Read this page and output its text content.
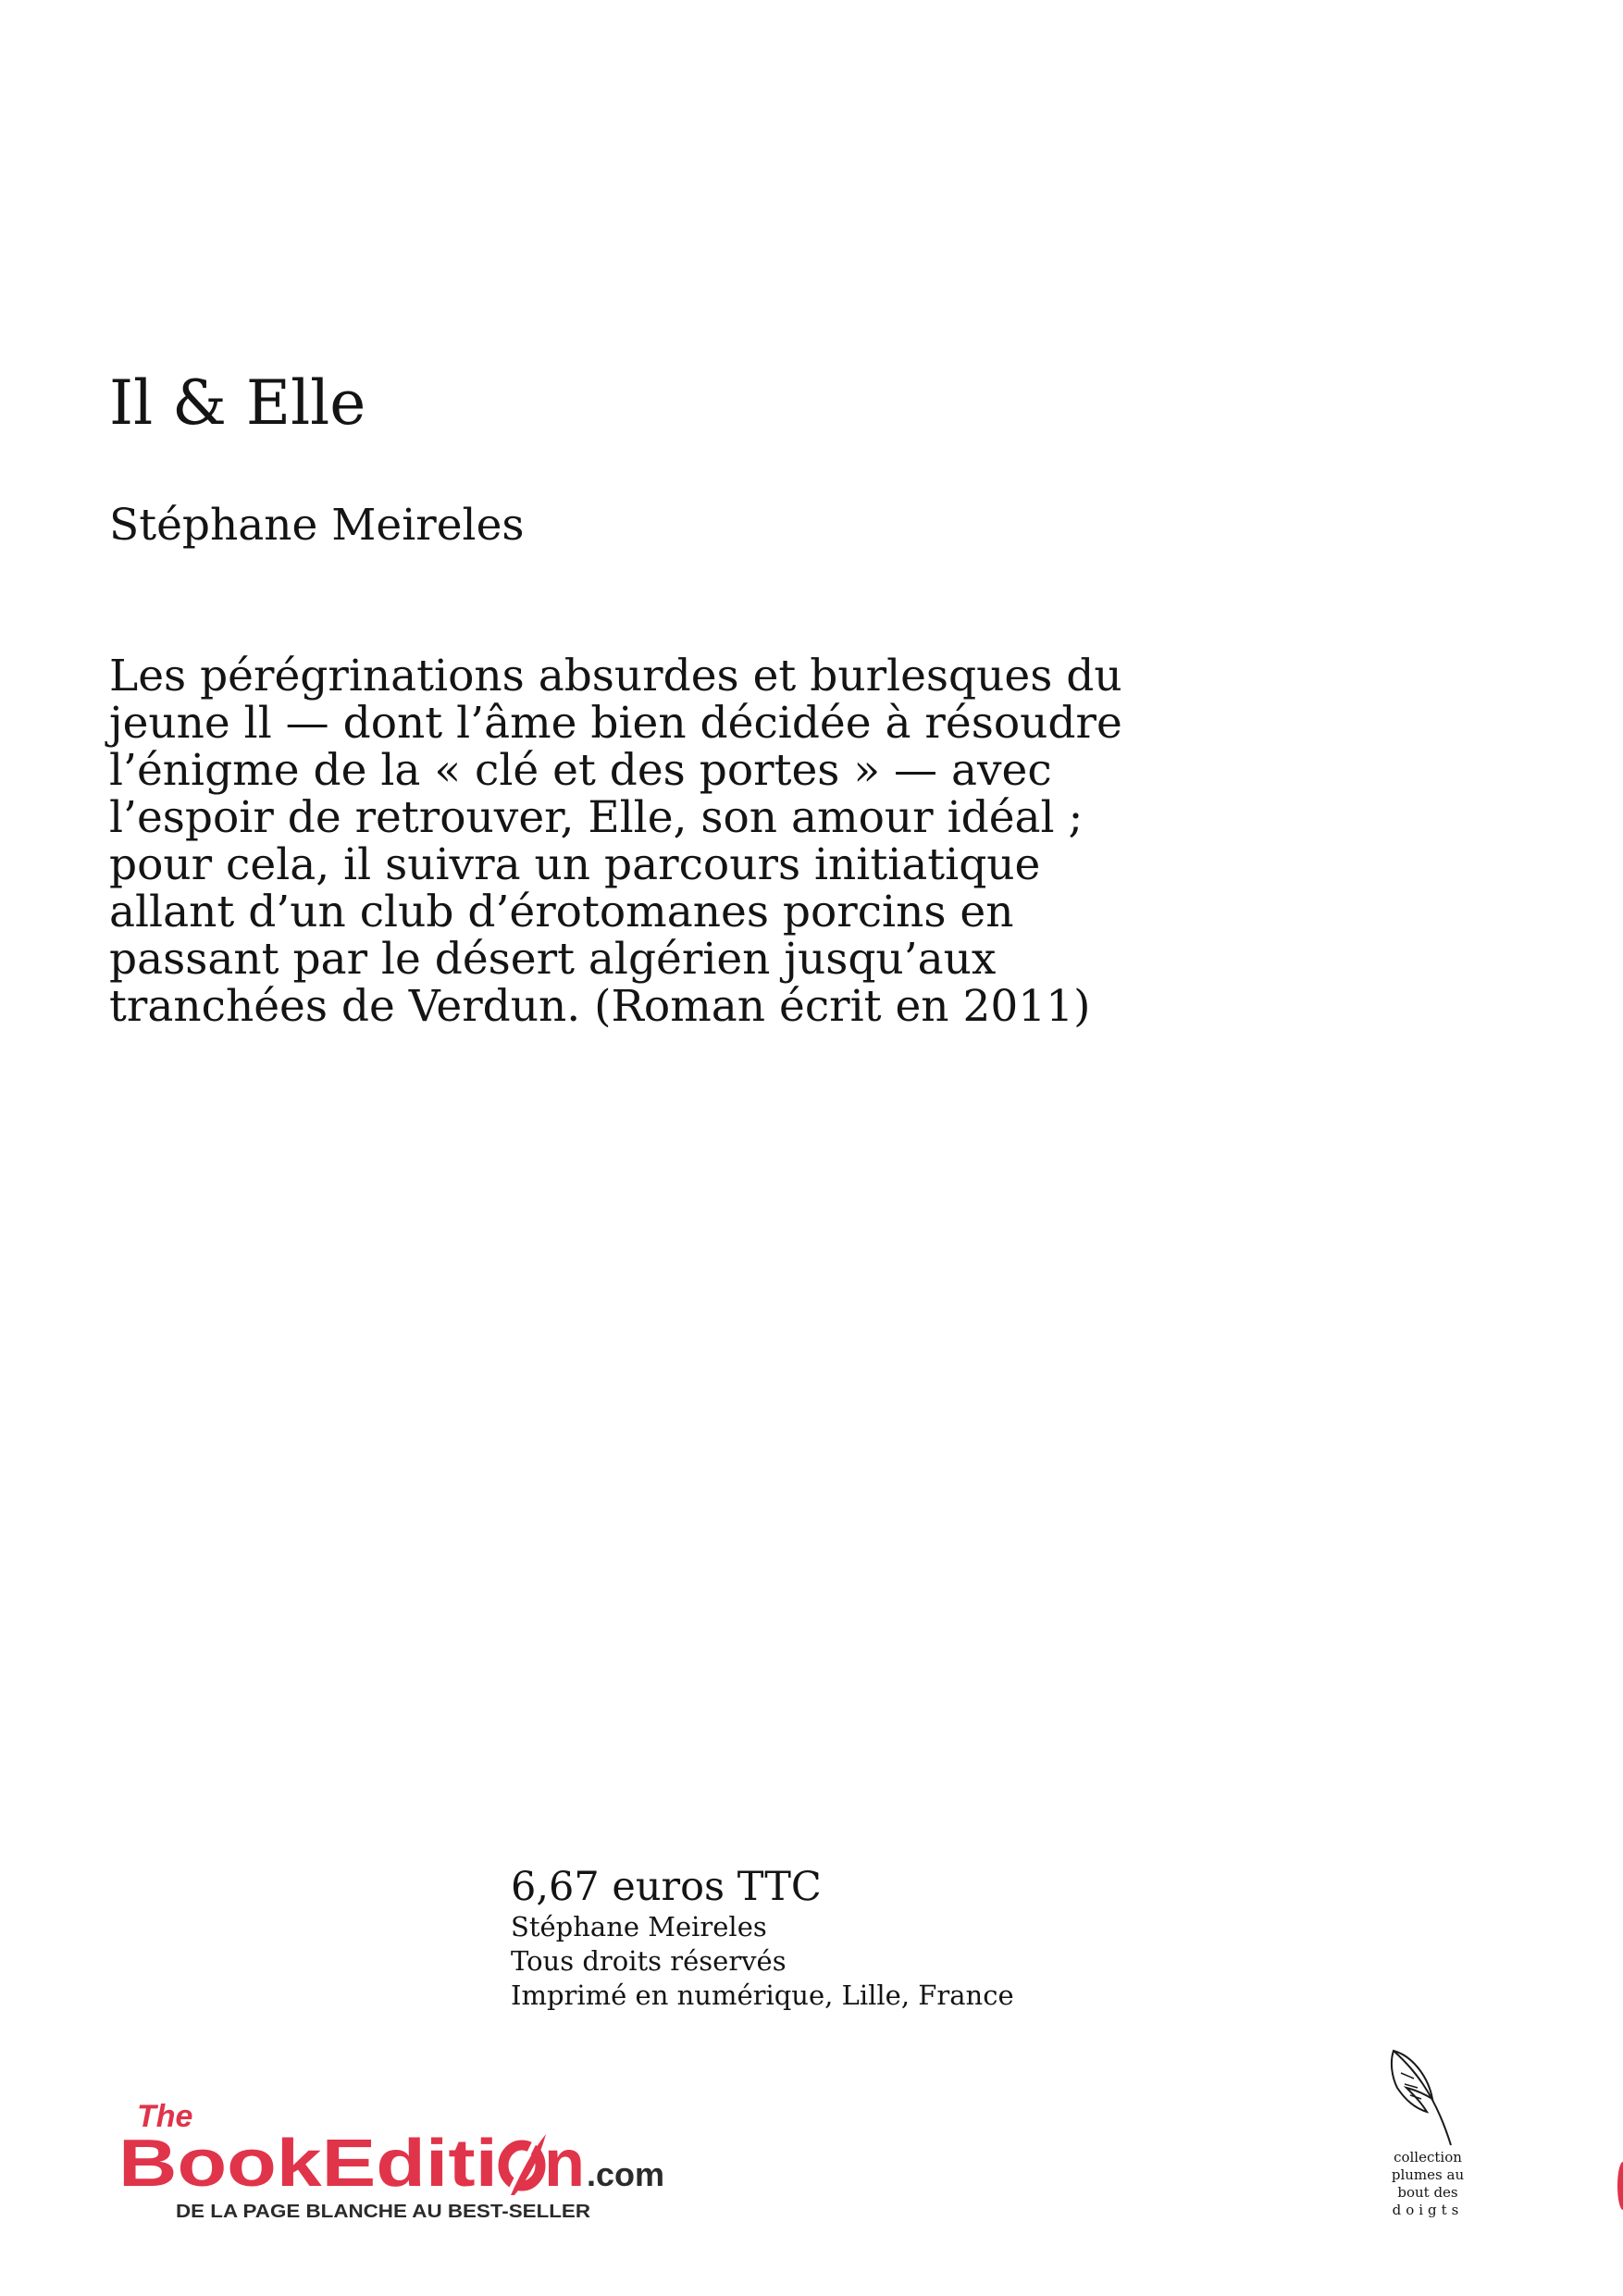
Il & Elle
Stéphane Meireles
Les pérégrinations absurdes et burlesques du
jeune ll — dont l’âme bien décidée à résoudre
l’énigme de la « clé et des portes » — avec
l’espoir de retrouver, Elle, son amour idéal ;
pour cela, il suivra un parcours initiatique
allant d’un club d’érotomanes porcins en
passant par le désert algérien jusqu’aux
tranchées de Verdun. (Roman écrit en 2011)
6,67 euros TTC
Stéphane Meireles
Tous droits réservés
Imprimé en numérique, Lille, France
The
BookEditi n .com
DE LA PAGE BLANCHE AU BEST-SELLER
collection
plumes au
bout des
doigts
